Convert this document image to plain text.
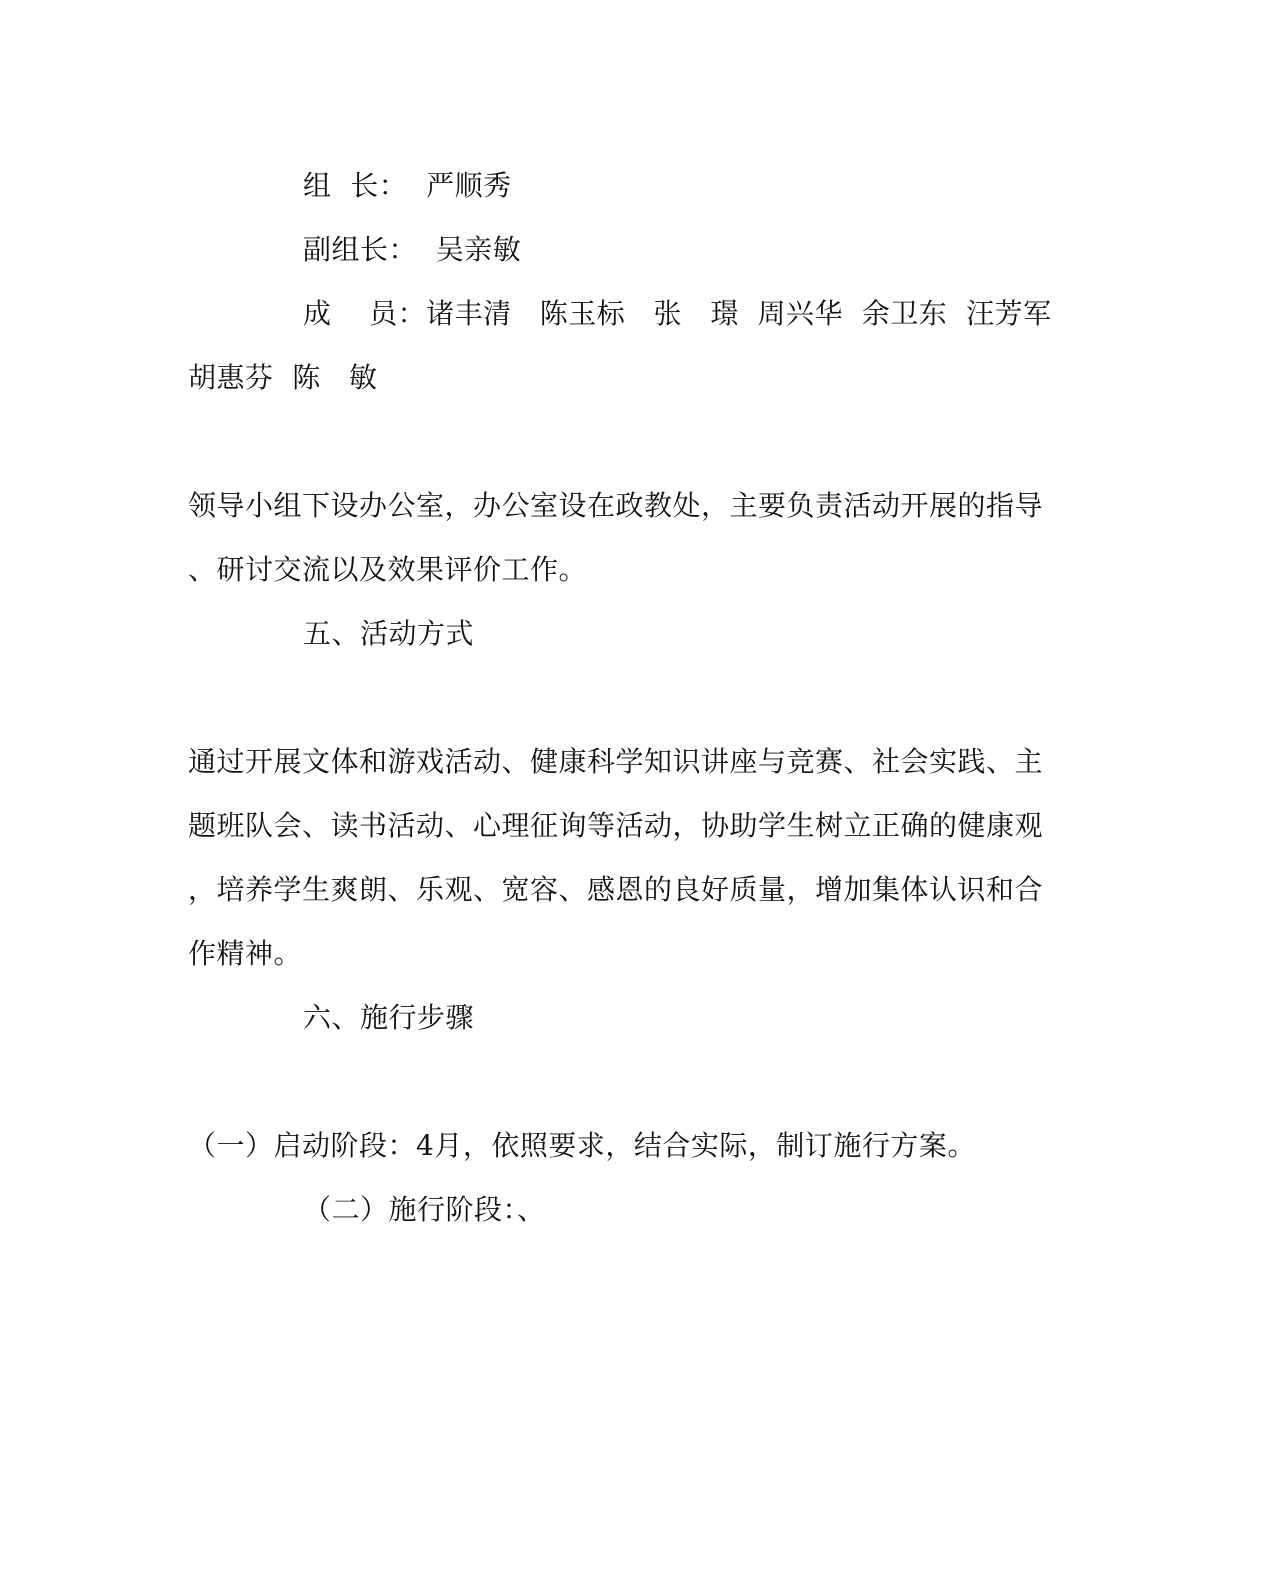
组  长：  严顺秀
副组长：  吴亲敏
成    员：诸丰清   陈玉标   张   璟  周兴华  余卫东  汪芳军
胡惠芬  陈   敏
领导小组下设办公室，办公室设在政教处，主要负责活动开展的指导
、研讨交流以及效果评价工作。
五、活动方式
通过开展文体和游戏活动、健康科学知识讲座与竞赛、社会实践、主
题班队会、读书活动、心理征询等活动，协助学生树立正确的健康观
，培养学生爽朗、乐观、宽容、感恩的良好质量，增加集体认识和合
作精神。
六、施行步骤
（一）启动阶段：4月，依照要求，结合实际，制订施行方案。
（二）施行阶段：、
